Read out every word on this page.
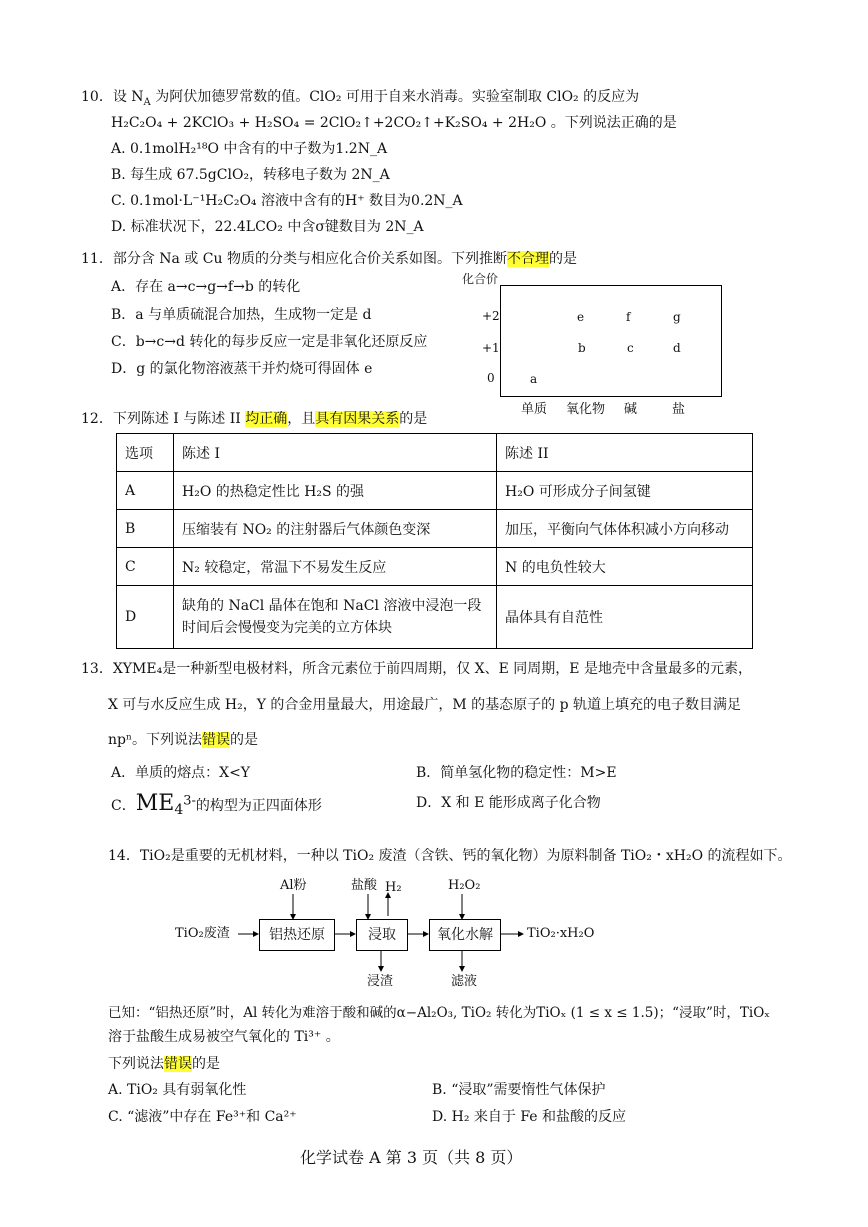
10．设 $N_A$ 为阿伏加德罗常数的值。ClO₂ 可用于自来水消毒。实验室制取 ClO₂ 的反应为
H₂C₂O₄ + 2KClO₃ + H₂SO₄ = 2ClO₂↑+2CO₂↑+K₂SO₄ + 2H₂O 。下列说法正确的是
A. 0.1molH₂¹⁸O 中含有的中子数为1.2N_A
B. 每生成 67.5gClO₂，转移电子数为 2N_A
C. 0.1mol·L⁻¹H₂C₂O₄ 溶液中含有的H⁺ 数目为0.2N_A
D. 标准状况下，22.4LCO₂ 中含σ键数目为 2N_A
11．部分含 Na 或 Cu 物质的分类与相应化合价关系如图。下列推断不合理的是
A．存在 a→c→g→f→b 的转化
B．a 与单质硫混合加热，生成物一定是 d
C．b→c→d 转化的每步反应一定是非氧化还原反应
D．g 的氯化物溶液蒸干并灼烧可得固体 e
化合价
+2
+1
0
e	f	g
b	c	d
a
单质 氧化物 碱	盐
12．下列陈述 I 与陈述 II 均正确，且具有因果关系的是
选项	陈述 I	陈述 II
A	H₂O 的热稳定性比 H₂S 的强	H₂O 可形成分子间氢键
B	压缩装有 NO₂ 的注射器后气体颜色变深	加压，平衡向气体体积减小方向移动
C	N₂ 较稳定，常温下不易发生反应	N 的电负性较大
D	缺角的 NaCl 晶体在饱和 NaCl 溶液中浸泡一段
时间后会慢慢变为完美的立方体块	晶体具有自范性
13．XYME₄是一种新型电极材料，所含元素位于前四周期，仅 X、E 同周期，E 是地壳中含量最多的元素，
X 可与水反应生成 H₂，Y 的合金用量最大，用途最广，M 的基态原子的 p 轨道上填充的电子数目满足
npⁿ。下列说法错误的是
A．单质的熔点：X<Y	B．简单氢化物的稳定性：M>E
C．$ME_4^{3-}$的构型为正四面体形	D．X 和 E 能形成离子化合物
14．TiO₂是重要的无机材料，一种以 TiO₂ 废渣（含铁、钙的氧化物）为原料制备 TiO₂・xH₂O 的流程如下。
TiO₂废渣	铝热还原
Al粉
浸取
盐酸 H₂
浸渣
氧化水解
H₂O₂
滤液
TiO₂·xH₂O
已知：“铝热还原”时，Al 转化为难溶于酸和碱的α−Al₂O₃, TiO₂ 转化为TiOₓ (1 ≤ x ≤ 1.5)；“浸取”时，TiOₓ
溶于盐酸生成易被空气氧化的 Ti³⁺ 。
下列说法错误的是
A. TiO₂ 具有弱氧化性	B. “浸取”需要惰性气体保护
C. “滤液”中存在 Fe³⁺和 Ca²⁺	D. H₂ 来自于 Fe 和盐酸的反应
化学试卷 A 第 3 页（共 8 页）
